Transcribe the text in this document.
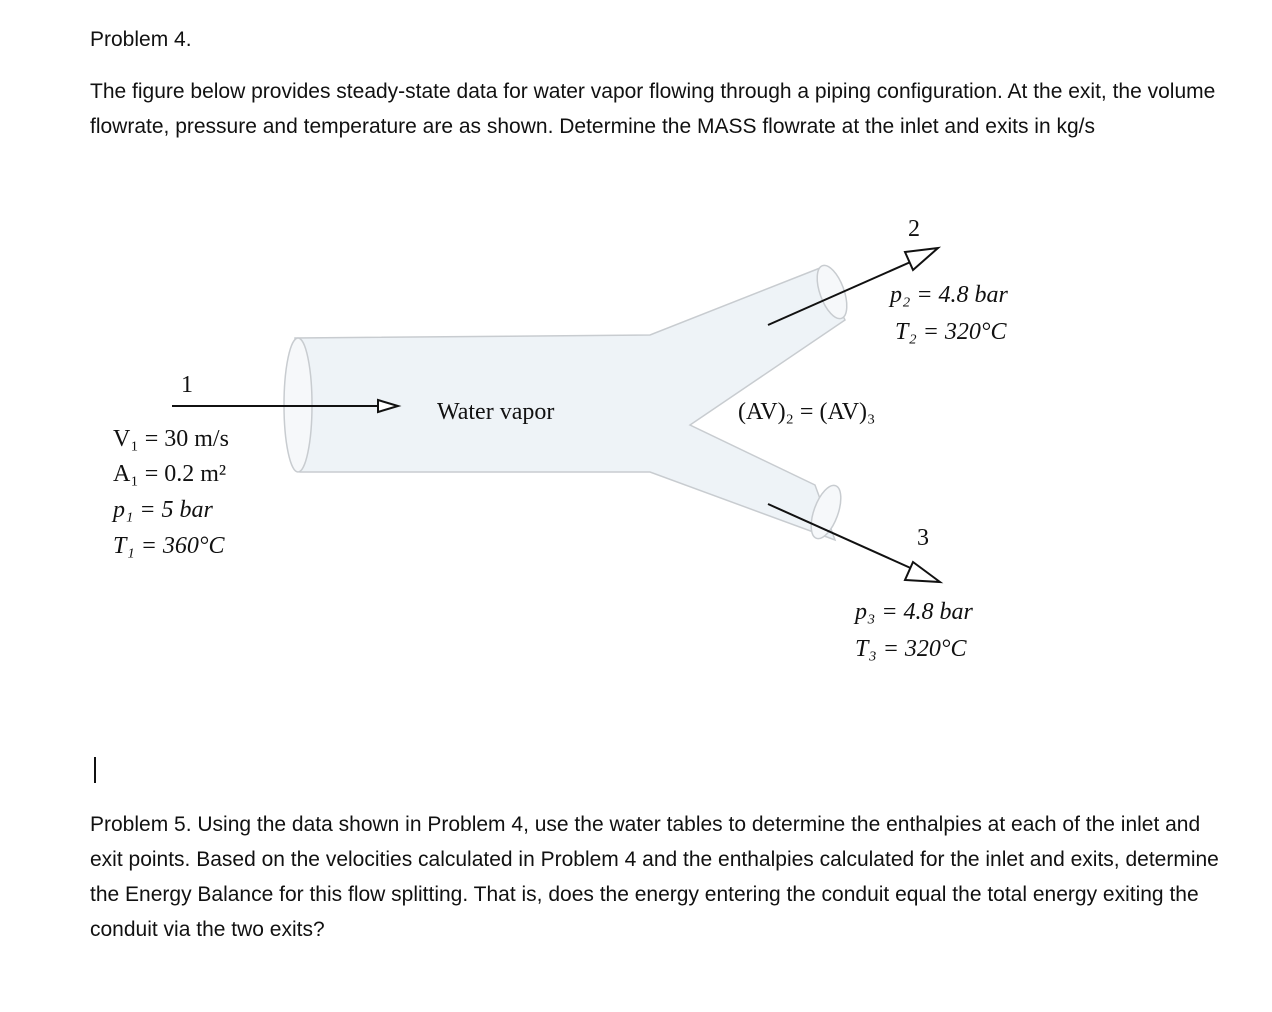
Problem 4.
The figure below provides steady-state data for water vapor flowing through a piping configuration. At the exit, the volume flowrate, pressure and temperature are as shown. Determine the MASS flowrate at the inlet and exits in kg/s
1
V₁ = 30 m/s
A₁ = 0.2 m²
p₁ = 5 bar
T₁ = 360°C
Water vapor	(AV)₂ = (AV)₃
2
p₂ = 4.8 bar
T₂ = 320°C
3
p₃ = 4.8 bar
T₃ = 320°C
Problem 5. Using the data shown in Problem 4, use the water tables to determine the enthalpies at each of the inlet and exit points. Based on the velocities calculated in Problem 4 and the enthalpies calculated for the inlet and exits, determine the Energy Balance for this flow splitting. That is, does the energy entering the conduit equal the total energy exiting the conduit via the two exits?
